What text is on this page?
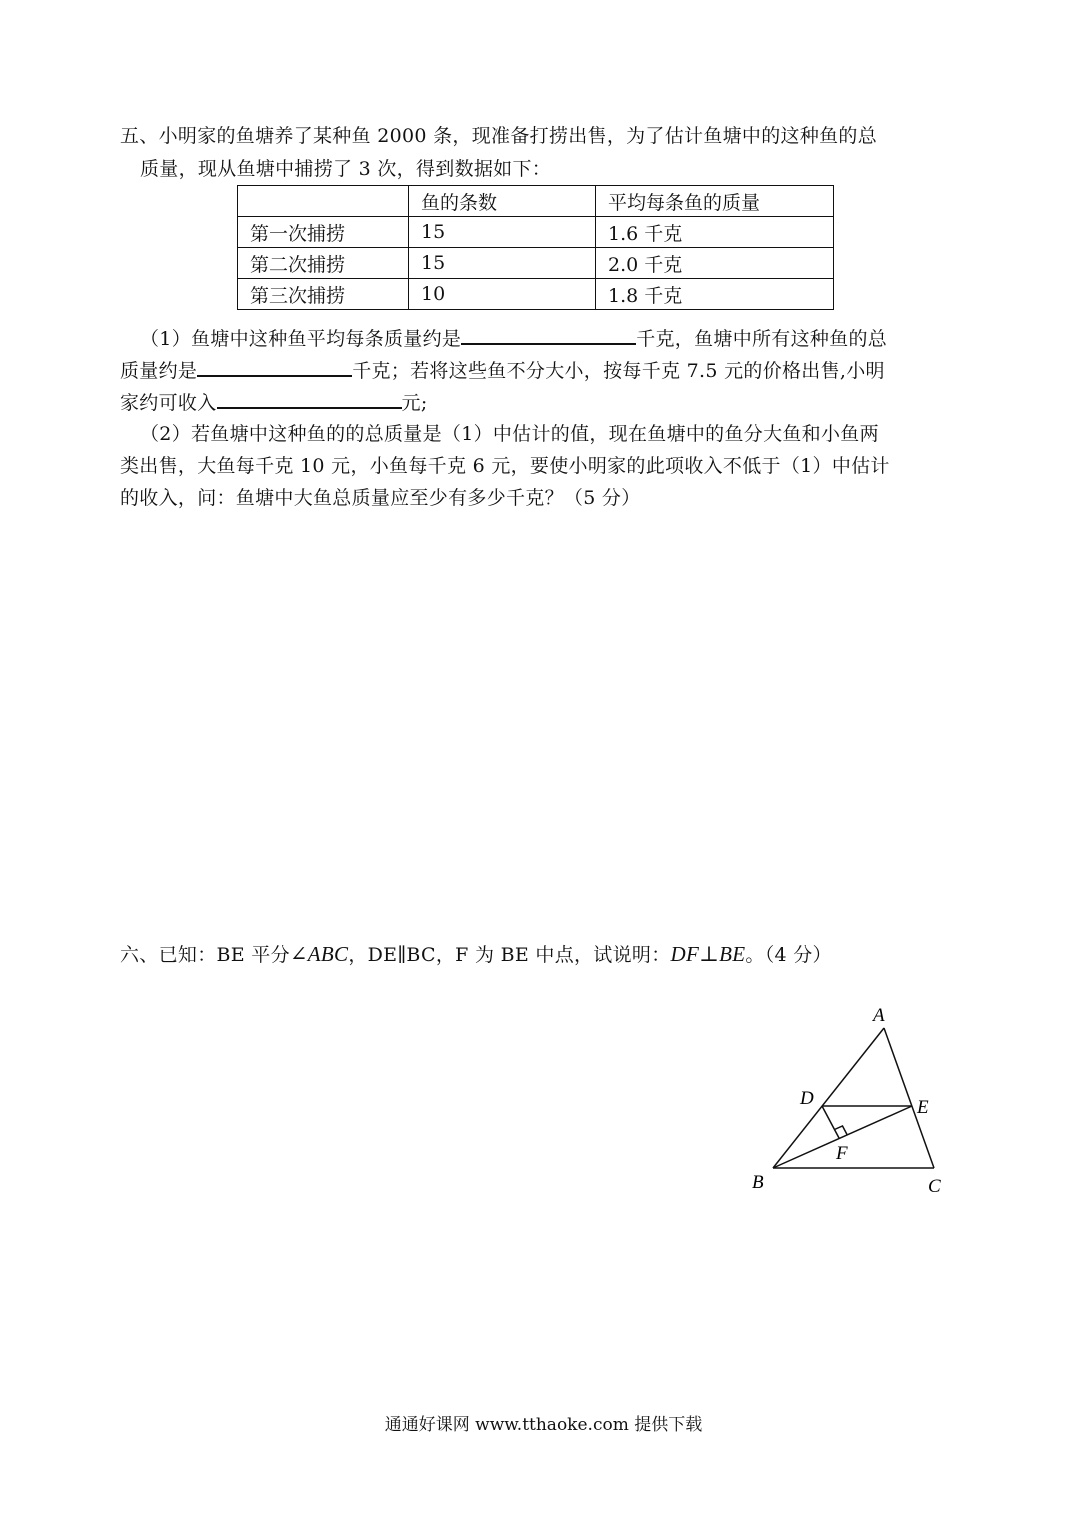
五、小明家的鱼塘养了某种鱼 2000 条，现准备打捞出售，为了估计鱼塘中的这种鱼的总
质量，现从鱼塘中捕捞了 3 次，得到数据如下：
	鱼的条数	平均每条鱼的质量
第一次捕捞	15	1.6 千克
第二次捕捞	15	2.0 千克
第三次捕捞	10	1.8 千克
（1）鱼塘中这种鱼平均每条质量约是	千克，鱼塘中所有这种鱼的总
质量约是	千克；若将这些鱼不分大小，按每千克 7.5 元的价格出售,小明
家约可收入	元;
（2）若鱼塘中这种鱼的的总质量是（1）中估计的值，现在鱼塘中的鱼分大鱼和小鱼两
类出售，大鱼每千克 10 元，小鱼每千克 6 元，要使小明家的此项收入不低于（1）中估计
的收入，问：鱼塘中大鱼总质量应至少有多少千克？（5 分）
六、已知：BE 平分∠ABC，DE∥BC，F 为 BE 中点，试说明：DF⊥BE。（4 分）
A
D	E
F
B	C
通通好课网 www.tthaoke.com 提供下载
